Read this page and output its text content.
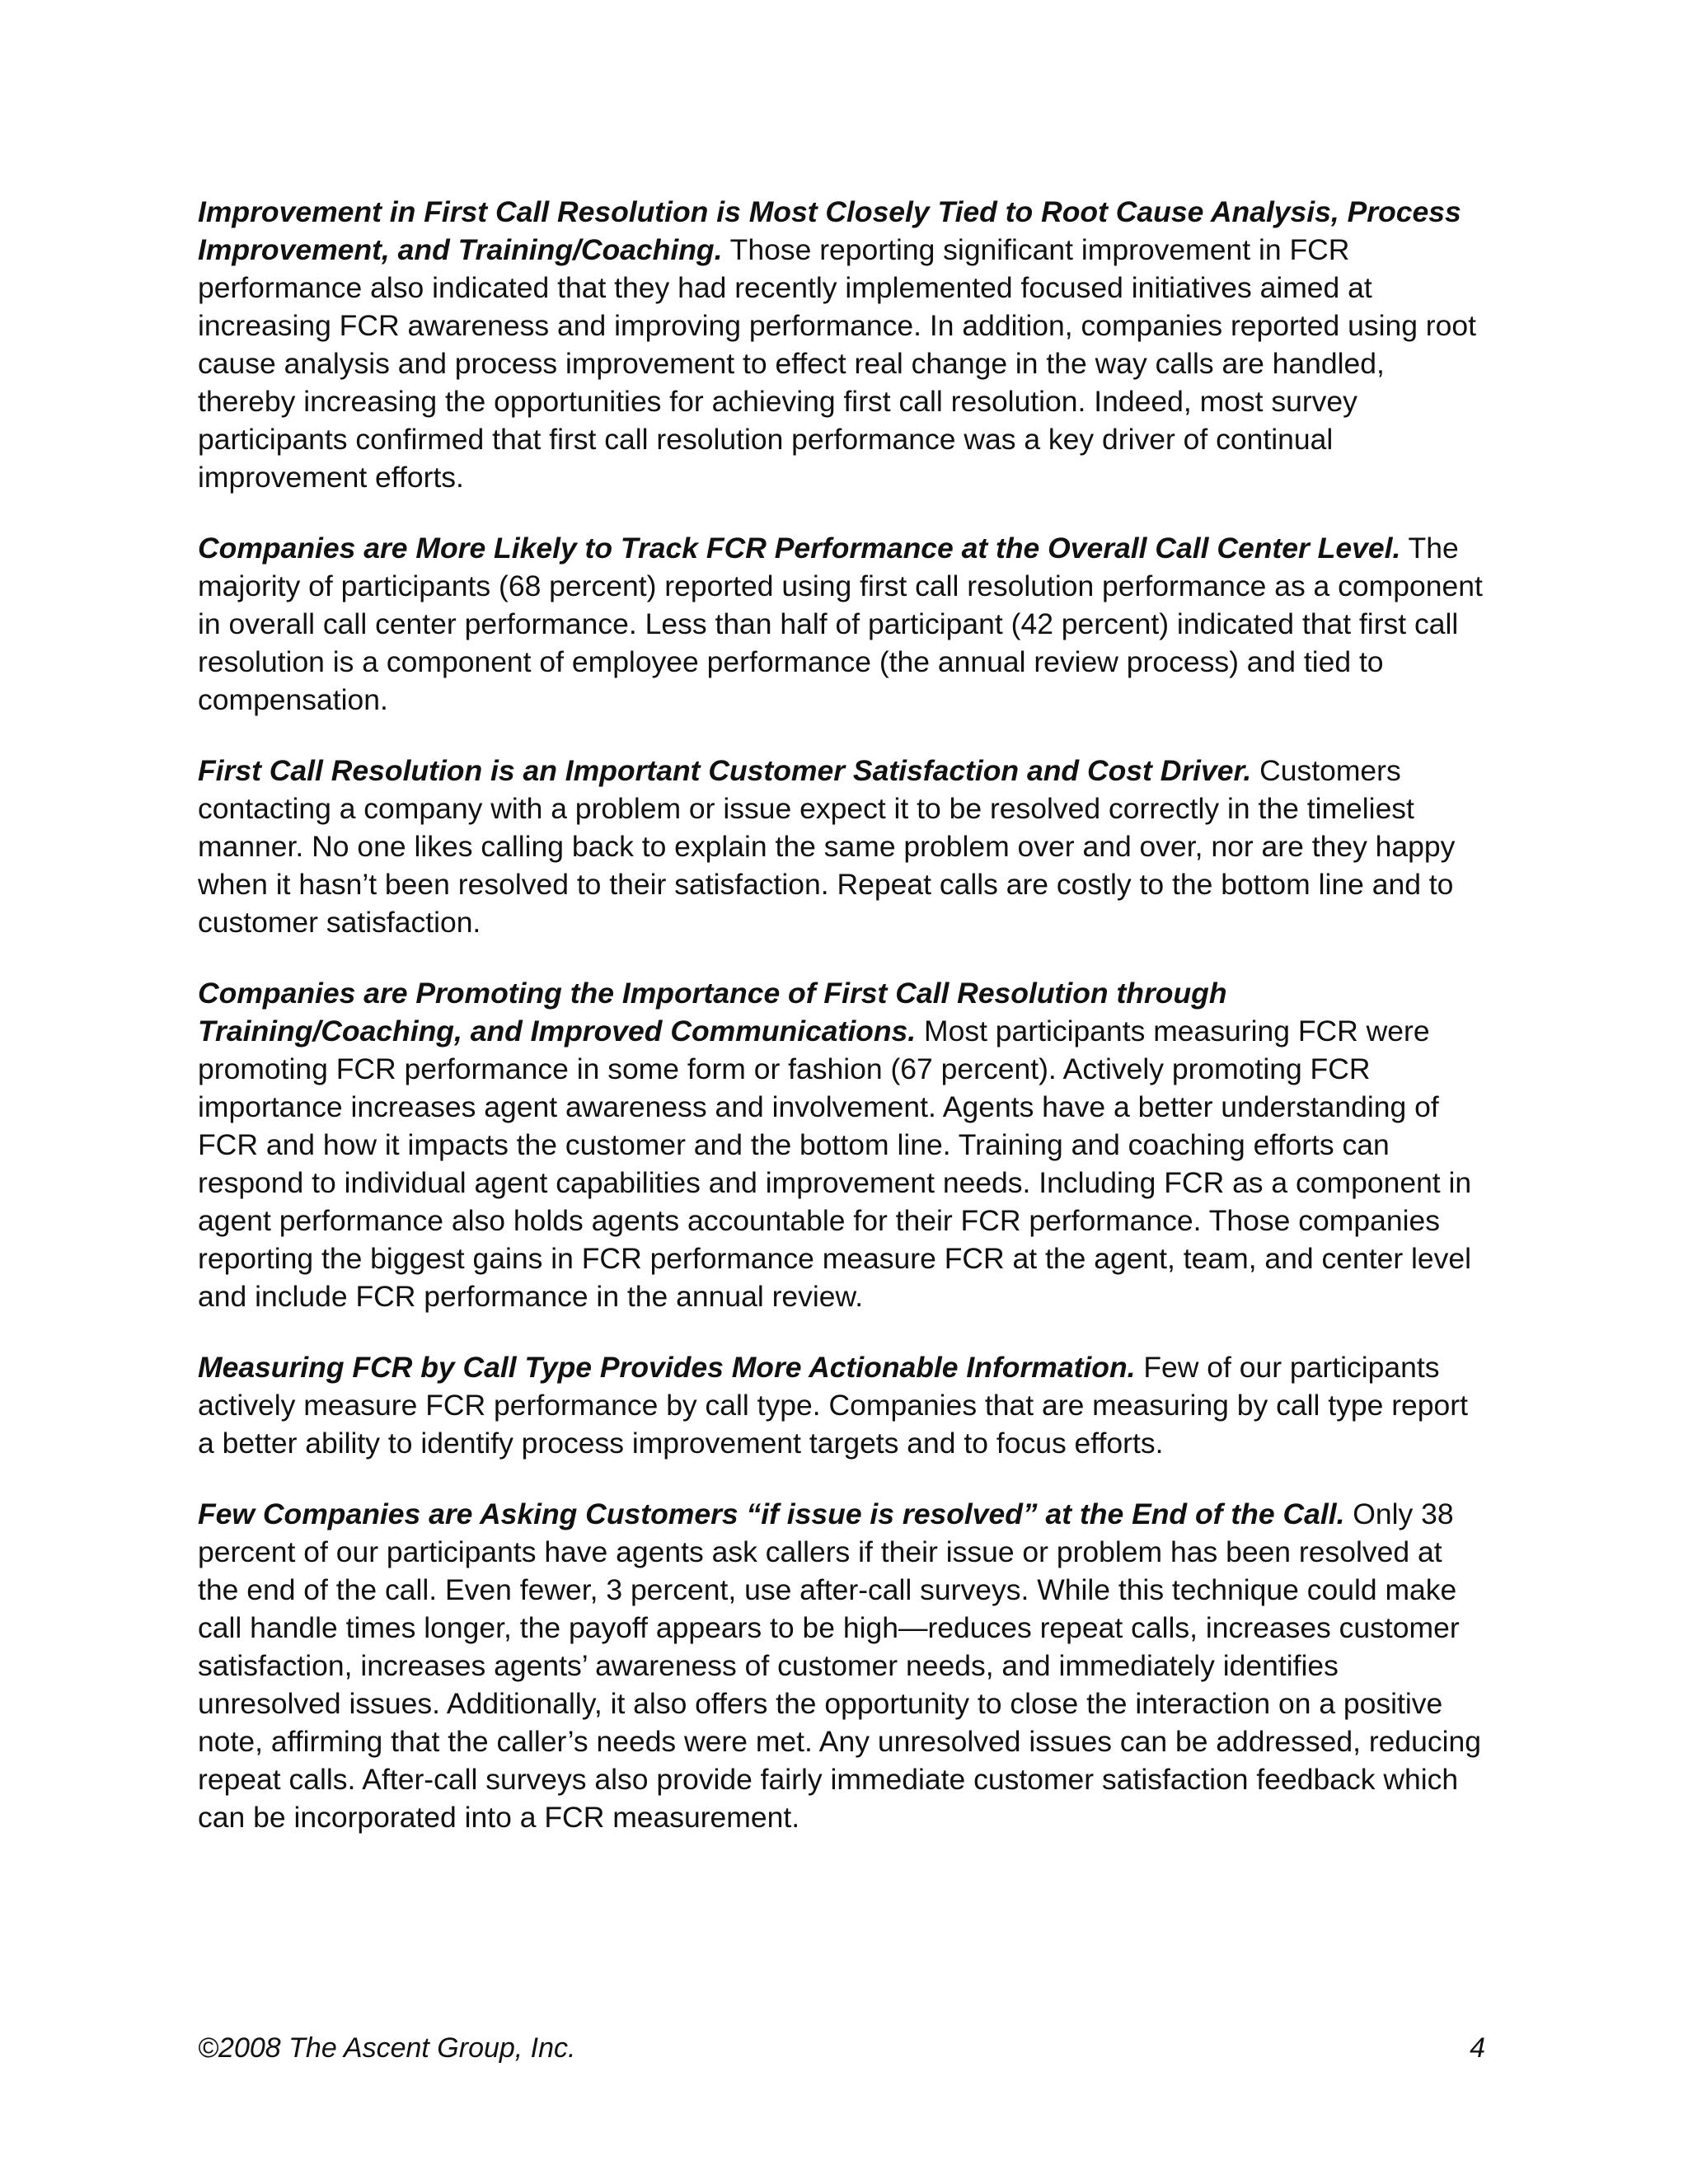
Improvement in First Call Resolution is Most Closely Tied to Root Cause Analysis, Process Improvement, and Training/Coaching. Those reporting significant improvement in FCR performance also indicated that they had recently implemented focused initiatives aimed at increasing FCR awareness and improving performance. In addition, companies reported using root cause analysis and process improvement to effect real change in the way calls are handled, thereby increasing the opportunities for achieving first call resolution. Indeed, most survey participants confirmed that first call resolution performance was a key driver of continual improvement efforts.

Companies are More Likely to Track FCR Performance at the Overall Call Center Level. The majority of participants (68 percent) reported using first call resolution performance as a component in overall call center performance. Less than half of participant (42 percent) indicated that first call resolution is a component of employee performance (the annual review process) and tied to compensation.

First Call Resolution is an Important Customer Satisfaction and Cost Driver. Customers contacting a company with a problem or issue expect it to be resolved correctly in the timeliest manner. No one likes calling back to explain the same problem over and over, nor are they happy when it hasn’t been resolved to their satisfaction. Repeat calls are costly to the bottom line and to customer satisfaction.

Companies are Promoting the Importance of First Call Resolution through Training/Coaching, and Improved Communications. Most participants measuring FCR were promoting FCR performance in some form or fashion (67 percent). Actively promoting FCR importance increases agent awareness and involvement. Agents have a better understanding of FCR and how it impacts the customer and the bottom line. Training and coaching efforts can respond to individual agent capabilities and improvement needs. Including FCR as a component in agent performance also holds agents accountable for their FCR performance. Those companies reporting the biggest gains in FCR performance measure FCR at the agent, team, and center level and include FCR performance in the annual review.

Measuring FCR by Call Type Provides More Actionable Information. Few of our participants actively measure FCR performance by call type. Companies that are measuring by call type report a better ability to identify process improvement targets and to focus efforts.

Few Companies are Asking Customers “if issue is resolved” at the End of the Call. Only 38 percent of our participants have agents ask callers if their issue or problem has been resolved at the end of the call. Even fewer, 3 percent, use after-call surveys. While this technique could make call handle times longer, the payoff appears to be high—reduces repeat calls, increases customer satisfaction, increases agents’ awareness of customer needs, and immediately identifies unresolved issues. Additionally, it also offers the opportunity to close the interaction on a positive note, affirming that the caller’s needs were met. Any unresolved issues can be addressed, reducing repeat calls. After-call surveys also provide fairly immediate customer satisfaction feedback which can be incorporated into a FCR measurement.

©2008 The Ascent Group, Inc.	4
